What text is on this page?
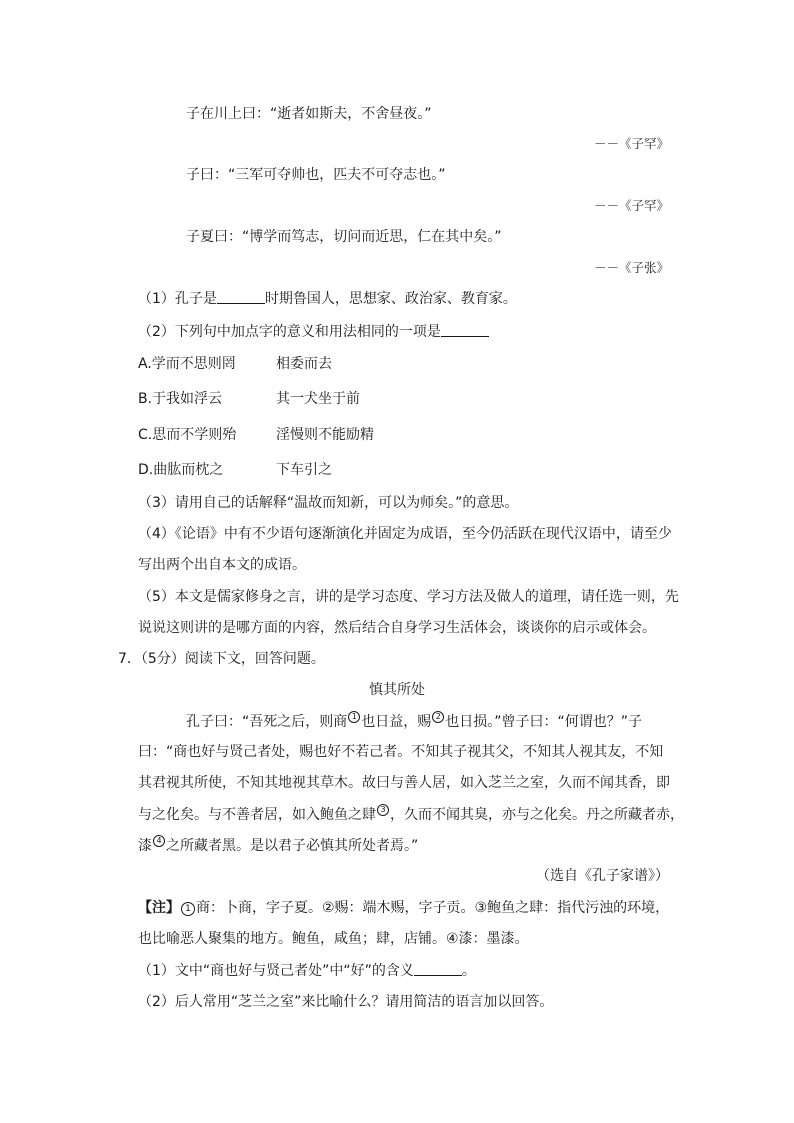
子在川上曰：“逝者如斯夫，不舍昼夜。”
－－《子罕》
子曰：“三军可夺帅也，匹夫不可夺志也。”
－－《子罕》
子夏曰：“博学而笃志，切问而近思，仁在其中矣。”
－－《子张》
（1）孔子是	时期鲁国人，思想家、政治家、教育家。
（2）下列句中加点字的意义和用法相同的一项是
A.学而不思则罔	相委而去
B.于我如浮云	其一犬坐于前
C.思而不学则殆	淫慢则不能励精
D.曲肱而枕之	下车引之
（3）请用自己的话解释“温故而知新，可以为师矣。”的意思。
（4）《论语》中有不少语句逐渐演化并固定为成语，至今仍活跃在现代汉语中，请至少
写出两个出自本文的成语。
（5）本文是儒家修身之言，讲的是学习态度、学习方法及做人的道理，请任选一则，先
说说这则讲的是哪方面的内容，然后结合自身学习生活体会，谈谈你的启示或体会。
7．（5分）阅读下文，回答问题。
慎其所处
孔子曰：“吾死之后，则商 1 也日益，赐 2 也日损。”曾子曰：“何谓也？”子
曰：“商也好与贤己者处，赐也好不若己者。不知其子视其父，不知其人视其友，不知
其君视其所使，不知其地视其草木。故曰与善人居，如入芝兰之室，久而不闻其香，即
与之化矣。与不善者居，如入鲍鱼之肆 3 ，久而不闻其臭，亦与之化矣。丹之所藏者赤，
漆 4 之所藏者黑。是以君子必慎其所处者焉。”
（选自《孔子家谱》）
【注】 1 商：卜商，字子夏。②赐：端木赐，字子贡。③鲍鱼之肆：指代污浊的环境，
也比喻恶人聚集的地方。鲍鱼，咸鱼；肆，店铺。④漆：墨漆。
（1）文中“商也好与贤己者处”中“好”的含义	。
（2）后人常用“芝兰之室”来比喻什么？请用简洁的语言加以回答。
